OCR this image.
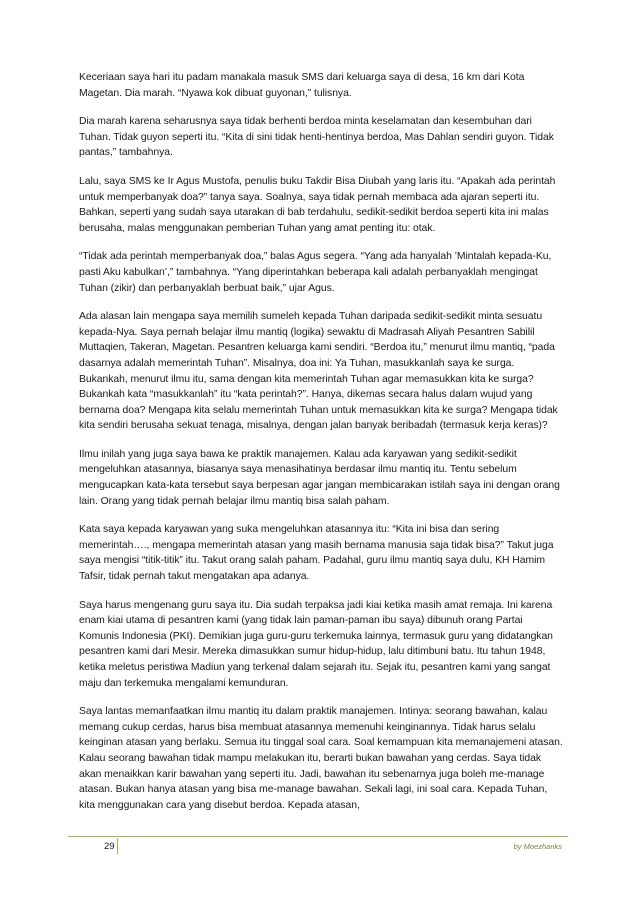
Keceriaan saya hari itu padam manakala masuk SMS dari keluarga saya di desa, 16 km dari Kota Magetan. Dia marah. “Nyawa kok dibuat guyonan,” tulisnya.

Dia marah karena seharusnya saya tidak berhenti berdoa minta keselamatan dan kesembuhan dari Tuhan. Tidak guyon seperti itu. “Kita di sini tidak henti-hentinya berdoa, Mas Dahlan sendiri guyon. Tidak pantas,” tambahnya.

Lalu, saya SMS ke Ir Agus Mustofa, penulis buku Takdir Bisa Diubah yang laris itu. “Apakah ada perintah untuk memperbanyak doa?” tanya saya. Soalnya, saya tidak pernah membaca ada ajaran seperti itu. Bahkan, seperti yang sudah saya utarakan di bab terdahulu, sedikit-sedikit berdoa seperti kita ini malas berusaha, malas menggunakan pemberian Tuhan yang amat penting itu: otak.

“Tidak ada perintah memperbanyak doa,” balas Agus segera. “Yang ada hanyalah ’Mintalah kepada-Ku, pasti Aku kabulkan’,” tambahnya. “Yang diperintahkan beberapa kali adalah perbanyaklah mengingat Tuhan (zikir) dan perbanyaklah berbuat baik,” ujar Agus.

Ada alasan lain mengapa saya memilih sumeleh kepada Tuhan daripada sedikit-sedikit minta sesuatu kepada-Nya. Saya pernah belajar ilmu mantiq (logika) sewaktu di Madrasah Aliyah Pesantren Sabilil Muttaqien, Takeran, Magetan. Pesantren keluarga kami sendiri. “Berdoa itu,” menurut ilmu mantiq, “pada dasarnya adalah memerintah Tuhan”. Misalnya, doa ini: Ya Tuhan, masukkanlah saya ke surga. Bukankah, menurut ilmu itu, sama dengan kita memerintah Tuhan agar memasukkan kita ke surga? Bukankah kata “masukkanlah” itu “kata perintah?”. Hanya, dikemas secara halus dalam wujud yang bernama doa? Mengapa kita selalu memerintah Tuhan untuk memasukkan kita ke surga? Mengapa tidak kita sendiri berusaha sekuat tenaga, misalnya, dengan jalan banyak beribadah (termasuk kerja keras)?

Ilmu inilah yang juga saya bawa ke praktik manajemen. Kalau ada karyawan yang sedikit-sedikit mengeluhkan atasannya, biasanya saya menasihatinya berdasar ilmu mantiq itu. Tentu sebelum mengucapkan kata-kata tersebut saya berpesan agar jangan membicarakan istilah saya ini dengan orang lain. Orang yang tidak pernah belajar ilmu mantiq bisa salah paham.

Kata saya kepada karyawan yang suka mengeluhkan atasannya itu: “Kita ini bisa dan sering memerintah…., mengapa memerintah atasan yang masih bernama manusia saja tidak bisa?” Takut juga saya mengisi “titik-titik” itu. Takut orang salah paham. Padahal, guru ilmu mantiq saya dulu, KH Hamim Tafsir, tidak pernah takut mengatakan apa adanya.

Saya harus mengenang guru saya itu. Dia sudah terpaksa jadi kiai ketika masih amat remaja. Ini karena enam kiai utama di pesantren kami (yang tidak lain paman-paman ibu saya) dibunuh orang Partai Komunis Indonesia (PKI). Demikian juga guru-guru terkemuka lainnya, termasuk guru yang didatangkan pesantren kami dari Mesir. Mereka dimasukkan sumur hidup-hidup, lalu ditimbuni batu. Itu tahun 1948, ketika meletus peristiwa Madiun yang terkenal dalam sejarah itu. Sejak itu, pesantren kami yang sangat maju dan terkemuka mengalami kemunduran.

Saya lantas memanfaatkan ilmu mantiq itu dalam praktik manajemen. Intinya: seorang bawahan, kalau memang cukup cerdas, harus bisa membuat atasannya memenuhi keinginannya. Tidak harus selalu keinginan atasan yang berlaku. Semua itu tinggal soal cara. Soal kemampuan kita memanajemeni atasan. Kalau seorang bawahan tidak mampu melakukan itu, berarti bukan bawahan yang cerdas. Saya tidak akan menaikkan karir bawahan yang seperti itu. Jadi, bawahan itu sebenarnya juga boleh me-manage atasan. Bukan hanya atasan yang bisa me-manage bawahan. Sekali lagi, ini soal cara. Kepada Tuhan, kita menggunakan cara yang disebut berdoa. Kepada atasan,

29	by Moezhanks
